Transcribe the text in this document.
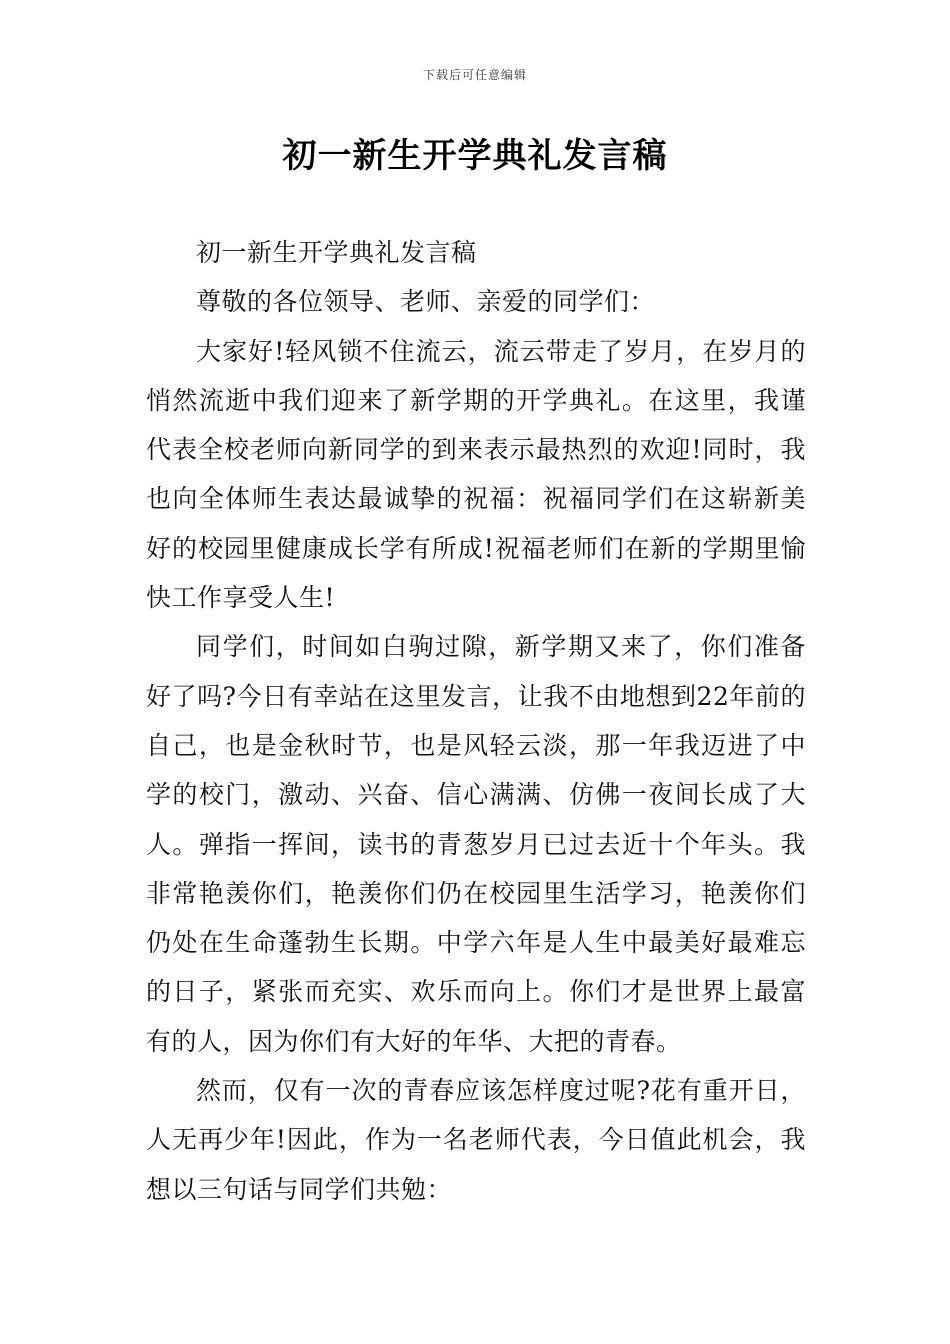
下载后可任意编辑
初一新生开学典礼发言稿

初一新生开学典礼发言稿

尊敬的各位领导、老师、亲爱的同学们：

大家好!轻风锁不住流云，流云带走了岁月，在岁月的悄然流逝中我们迎来了新学期的开学典礼。在这里，我谨代表全校老师向新同学的到来表示最热烈的欢迎!同时，我也向全体师生表达最诚挚的祝福：祝福同学们在这崭新美好的校园里健康成长学有所成!祝福老师们在新的学期里愉快工作享受人生!

同学们，时间如白驹过隙，新学期又来了，你们准备好了吗?今日有幸站在这里发言，让我不由地想到22年前的自己，也是金秋时节，也是风轻云淡，那一年我迈进了中学的校门，激动、兴奋、信心满满、仿佛一夜间长成了大人。弹指一挥间，读书的青葱岁月已过去近十个年头。我非常艳羡你们，艳羡你们仍在校园里生活学习，艳羡你们仍处在生命蓬勃生长期。中学六年是人生中最美好最难忘的日子，紧张而充实、欢乐而向上。你们才是世界上最富有的人，因为你们有大好的年华、大把的青春。

然而，仅有一次的青春应该怎样度过呢?花有重开日，人无再少年!因此，作为一名老师代表，今日值此机会，我想以三句话与同学们共勉：
